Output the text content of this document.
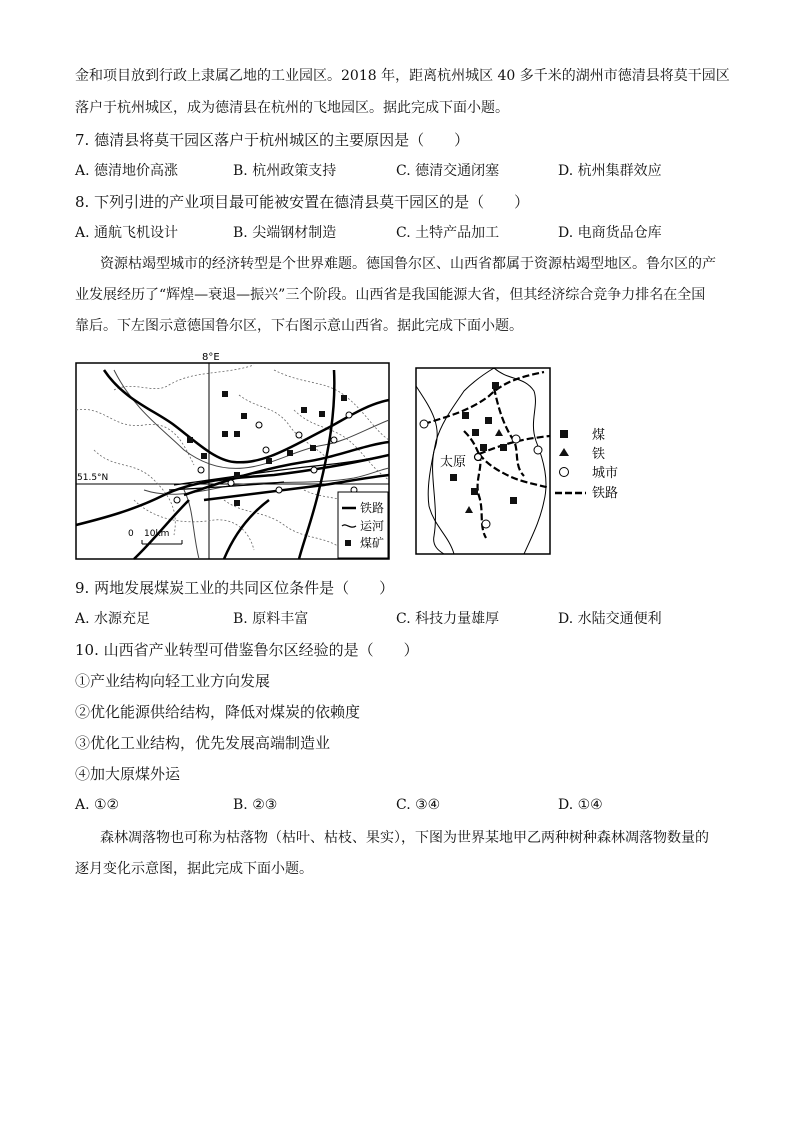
金和项目放到行政上隶属乙地的工业园区。2018 年，距离杭州城区 40 多千米的湖州市德清县将莫干园区
落户于杭州城区，成为德清县在杭州的飞地园区。据此完成下面小题。
7. 德清县将莫干园区落户于杭州城区的主要原因是（　　）
A. 德清地价高涨	B. 杭州政策支持	C. 德清交通闭塞	D. 杭州集群效应
8. 下列引进的产业项目最可能被安置在德清县莫干园区的是（　　）
A. 通航飞机设计	B. 尖端钢材制造	C. 土特产品加工	D. 电商货品仓库
资源枯竭型城市的经济转型是个世界难题。德国鲁尔区、山西省都属于资源枯竭型地区。鲁尔区的产
业发展经历了“辉煌—衰退—振兴”三个阶段。山西省是我国能源大省，但其经济综合竞争力排名在全国
靠后。下左图示意德国鲁尔区，下右图示意山西省。据此完成下面小题。
8°E
51.5°N
0 10km
铁路
运河
煤矿
太原
煤
铁
城市
铁路
9. 两地发展煤炭工业的共同区位条件是（　　）
A. 水源充足	B. 原料丰富	C. 科技力量雄厚	D. 水陆交通便利
10. 山西省产业转型可借鉴鲁尔区经验的是（　　）
①产业结构向轻工业方向发展
②优化能源供给结构，降低对煤炭的依赖度
③优化工业结构，优先发展高端制造业
④加大原煤外运
A. ①②	B. ②③	C. ③④	D. ①④
森林凋落物也可称为枯落物（枯叶、枯枝、果实），下图为世界某地甲乙两种树种森林凋落物数量的
逐月变化示意图，据此完成下面小题。
